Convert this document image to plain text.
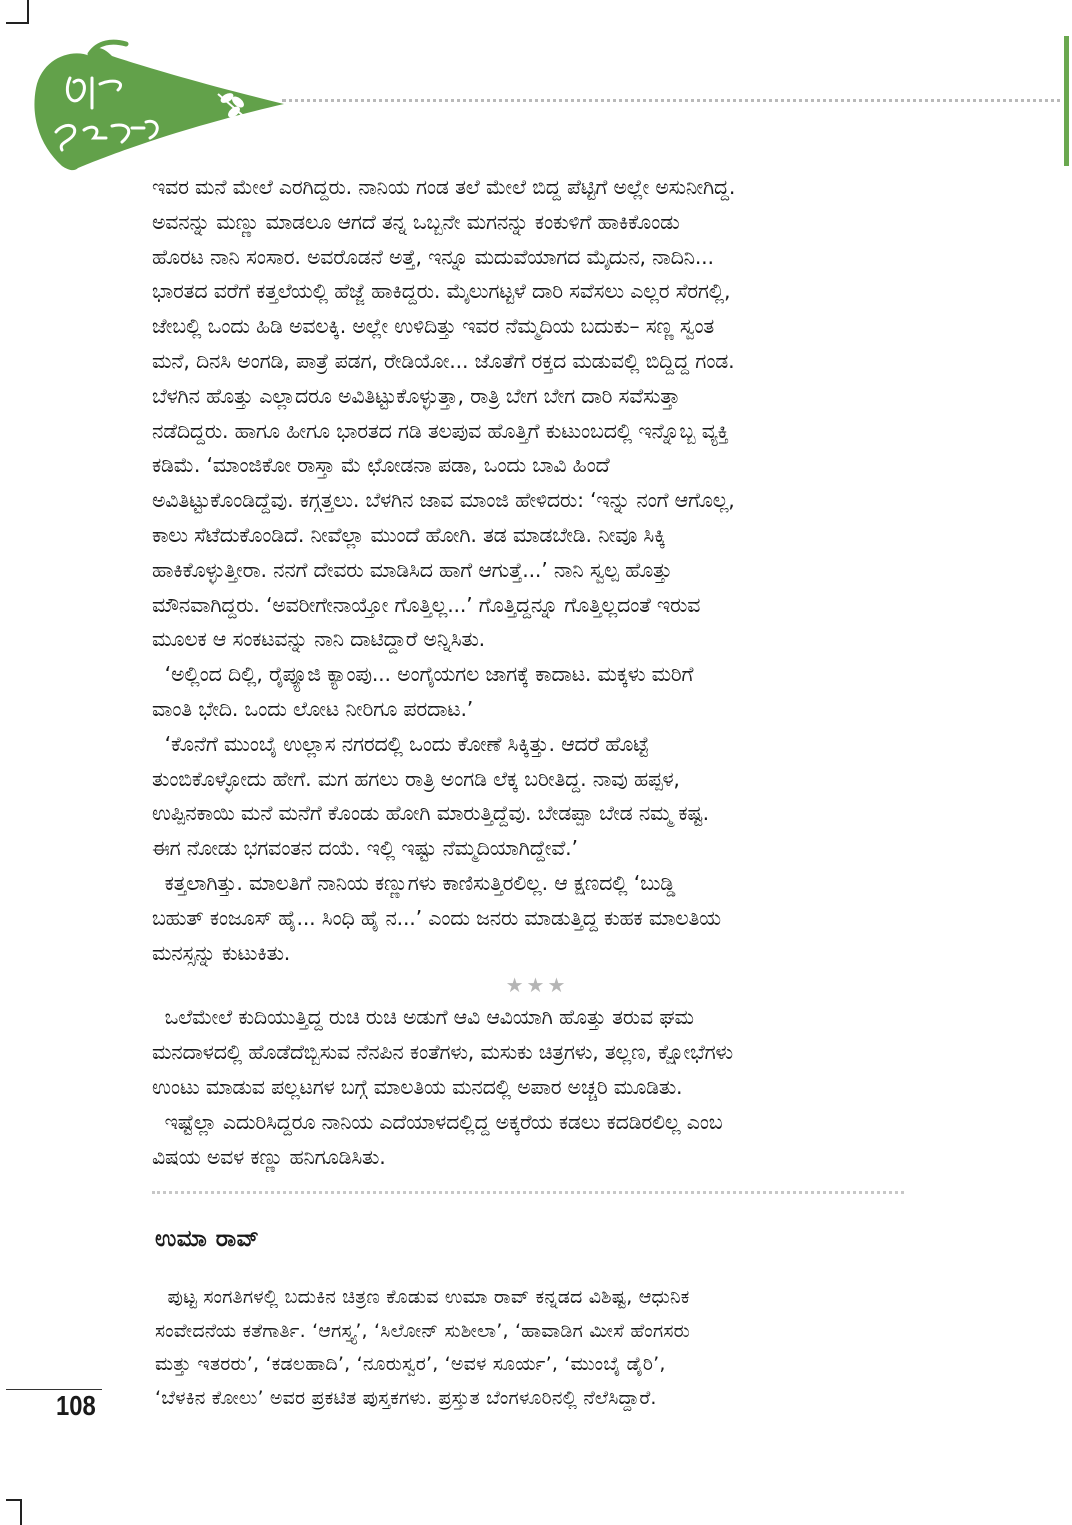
ಇವರ ಮನೆ ಮೇಲೆ ಎರಗಿದ್ದರು. ನಾನಿಯ ಗಂಡ ತಲೆ ಮೇಲೆ ಬಿದ್ದ ಪೆಟ್ಟಿಗೆ ಅಲ್ಲೇ ಅಸುನೀಗಿದ್ದ.
ಅವನನ್ನು ಮಣ್ಣು ಮಾಡಲೂ ಆಗದೆ ತನ್ನ ಒಬ್ಬನೇ ಮಗನನ್ನು ಕಂಕುಳಿಗೆ ಹಾಕಿಕೊಂಡು
ಹೊರಟ ನಾನಿ ಸಂಸಾರ. ಅವರೊಡನೆ ಅತ್ತೆ, ಇನ್ನೂ ಮದುವೆಯಾಗದ ಮೈದುನ, ನಾದಿನಿ...
ಭಾರತದ ವರೆಗೆ ಕತ್ತಲೆಯಲ್ಲಿ ಹೆಜ್ಜೆ ಹಾಕಿದ್ದರು. ಮೈಲುಗಟ್ಟಳೆ ದಾರಿ ಸವೆಸಲು ಎಲ್ಲರ ಸೆರಗಲ್ಲಿ,
ಜೇಬಲ್ಲಿ ಒಂದು ಹಿಡಿ ಅವಲಕ್ಕಿ. ಅಲ್ಲೇ ಉಳಿದಿತ್ತು ಇವರ ನೆಮ್ಮದಿಯ ಬದುಕು– ಸಣ್ಣ ಸ್ವಂತ
ಮನೆ, ದಿನಸಿ ಅಂಗಡಿ, ಪಾತ್ರೆ ಪಡಗ, ರೇಡಿಯೋ... ಜೊತೆಗೆ ರಕ್ತದ ಮಡುವಲ್ಲಿ ಬಿದ್ದಿದ್ದ ಗಂಡ.
ಬೆಳಗಿನ ಹೊತ್ತು ಎಲ್ಲಾದರೂ ಅವಿತಿಟ್ಟುಕೊಳ್ಳುತ್ತಾ, ರಾತ್ರಿ ಬೇಗ ಬೇಗ ದಾರಿ ಸವೆಸುತ್ತಾ
ನಡೆದಿದ್ದರು. ಹಾಗೂ ಹೀಗೂ ಭಾರತದ ಗಡಿ ತಲಪುವ ಹೊತ್ತಿಗೆ ಕುಟುಂಬದಲ್ಲಿ ಇನ್ನೊಬ್ಬ ವ್ಯಕ್ತಿ
ಕಡಿಮೆ. ‘ಮಾಂಜಿಕೋ ರಾಸ್ತಾ ಮೆ ಛೋಡನಾ ಪಡಾ, ಒಂದು ಬಾವಿ ಹಿಂದೆ
ಅವಿತಿಟ್ಟುಕೊಂಡಿದ್ದೆವು. ಕಗ್ಗತ್ತಲು. ಬೆಳಗಿನ ಜಾವ ಮಾಂಜಿ ಹೇಳಿದರು: ‘ಇನ್ನು ನಂಗೆ ಆಗೊಲ್ಲ,
ಕಾಲು ಸೆಟೆದುಕೊಂಡಿದೆ. ನೀವೆಲ್ಲಾ ಮುಂದೆ ಹೋಗಿ. ತಡ ಮಾಡಬೇಡಿ. ನೀವೂ ಸಿಕ್ಕಿ
ಹಾಕಿಕೊಳ್ಳುತ್ತೀರಾ. ನನಗೆ ದೇವರು ಮಾಡಿಸಿದ ಹಾಗೆ ಆಗುತ್ತೆ...’ ನಾನಿ ಸ್ವಲ್ಪ ಹೊತ್ತು
ಮೌನವಾಗಿದ್ದರು. ‘ಅವರೀಗೇನಾಯ್ತೋ ಗೊತ್ತಿಲ್ಲ...’ ಗೊತ್ತಿದ್ದನ್ನೂ ಗೊತ್ತಿಲ್ಲದಂತೆ ಇರುವ
ಮೂಲಕ ಆ ಸಂಕಟವನ್ನು ನಾನಿ ದಾಟಿದ್ದಾರೆ ಅನ್ನಿಸಿತು.
‘ಅಲ್ಲಿಂದ ದಿಲ್ಲಿ, ರೈಪ್ಯೂಜಿ ಕ್ಯಾಂಪು... ಅಂಗೈಯಗಲ ಜಾಗಕ್ಕೆ ಕಾದಾಟ. ಮಕ್ಕಳು ಮರಿಗೆ
ವಾಂತಿ ಭೇದಿ. ಒಂದು ಲೋಟ ನೀರಿಗೂ ಪರದಾಟ.’
‘ಕೊನೆಗೆ ಮುಂಬೈ ಉಲ್ಲಾಸ ನಗರದಲ್ಲಿ ಒಂದು ಕೋಣೆ ಸಿಕ್ಕಿತ್ತು. ಆದರೆ ಹೊಟ್ಟೆ
ತುಂಬಿಕೊಳ್ಳೋದು ಹೇಗೆ. ಮಗ ಹಗಲು ರಾತ್ರಿ ಅಂಗಡಿ ಲೆಕ್ಕ ಬರೀತಿದ್ದ. ನಾವು ಹಪ್ಪಳ,
ಉಪ್ಪಿನಕಾಯಿ ಮನೆ ಮನೆಗೆ ಕೊಂಡು ಹೋಗಿ ಮಾರುತ್ತಿದ್ದೆವು. ಬೇಡಪ್ಪಾ ಬೇಡ ನಮ್ಮ ಕಷ್ಟ.
ಈಗ ನೋಡು ಭಗವಂತನ ದಯೆ. ಇಲ್ಲಿ ಇಷ್ಟು ನೆಮ್ಮದಿಯಾಗಿದ್ದೇವೆ.’
ಕತ್ತಲಾಗಿತ್ತು. ಮಾಲತಿಗೆ ನಾನಿಯ ಕಣ್ಣುಗಳು ಕಾಣಿಸುತ್ತಿರಲಿಲ್ಲ. ಆ ಕ್ಷಣದಲ್ಲಿ ‘ಬುಡ್ಡಿ
ಬಹುತ್ ಕಂಜೂಸ್ ಹೈ... ಸಿಂಧಿ ಹೈ ನ...’ ಎಂದು ಜನರು ಮಾಡುತ್ತಿದ್ದ ಕುಹಕ ಮಾಲತಿಯ
ಮನಸ್ಸನ್ನು ಕುಟುಕಿತು.
★★★
ಒಲೆಮೇಲೆ ಕುದಿಯುತ್ತಿದ್ದ ರುಚಿ ರುಚಿ ಅಡುಗೆ ಆವಿ ಆವಿಯಾಗಿ ಹೊತ್ತು ತರುವ ಘಮ
ಮನದಾಳದಲ್ಲಿ ಹೊಡೆದೆಬ್ಬಿಸುವ ನೆನಪಿನ ಕಂತೆಗಳು, ಮಸುಕು ಚಿತ್ರಗಳು, ತಲ್ಲಣ, ಕ್ಷೋಭೆಗಳು
ಉಂಟು ಮಾಡುವ ಪಲ್ಲಟಗಳ ಬಗ್ಗೆ ಮಾಲತಿಯ ಮನದಲ್ಲಿ ಅಪಾರ ಅಚ್ಚರಿ ಮೂಡಿತು.
ಇಷ್ಟೆಲ್ಲಾ ಎದುರಿಸಿದ್ದರೂ ನಾನಿಯ ಎದೆಯಾಳದಲ್ಲಿದ್ದ ಅಕ್ಕರೆಯ ಕಡಲು ಕದಡಿರಲಿಲ್ಲ ಎಂಬ
ವಿಷಯ ಅವಳ ಕಣ್ಣು ಹನಿಗೂಡಿಸಿತು.
ಉಮಾ ರಾವ್
ಪುಟ್ಟ ಸಂಗತಿಗಳಲ್ಲಿ ಬದುಕಿನ ಚಿತ್ರಣ ಕೊಡುವ ಉಮಾ ರಾವ್ ಕನ್ನಡದ ವಿಶಿಷ್ಟ, ಆಧುನಿಕ
ಸಂವೇದನೆಯ ಕತೆಗಾರ್ತಿ. ‘ಆಗಸ್ತ್ಯ’, ‘ಸಿಲೋನ್ ಸುಶೀಲಾ’, ‘ಹಾವಾಡಿಗ ಮೀಸೆ ಹೆಂಗಸರು
ಮತ್ತು ಇತರರು’, ‘ಕಡಲಹಾದಿ’, ‘ನೂರುಸ್ವರ’, ‘ಅವಳ ಸೂರ್ಯ’, ‘ಮುಂಬೈ ಡೈರಿ’,
‘ಬೆಳಕಿನ ಕೋಲು’ ಅವರ ಪ್ರಕಟಿತ ಪುಸ್ತಕಗಳು. ಪ್ರಸ್ತುತ ಬೆಂಗಳೂರಿನಲ್ಲಿ ನೆಲೆಸಿದ್ದಾರೆ.
108
